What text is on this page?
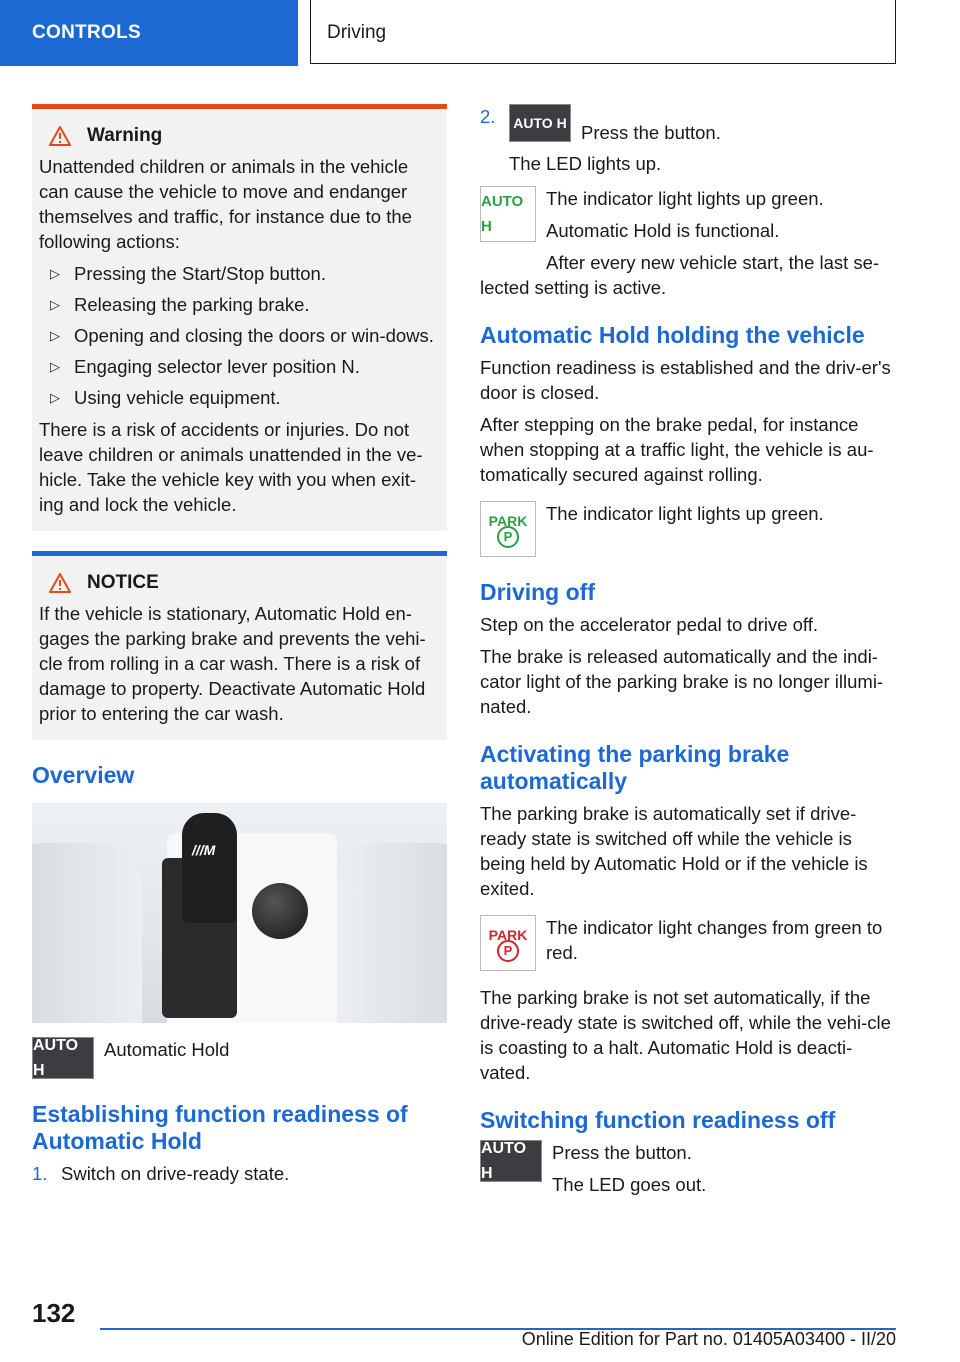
CONTROLS	Driving
Warning

Unattended children or animals in the vehicle can cause the vehicle to move and endanger themselves and traffic, for instance due to the following actions:

▷ Pressing the Start/Stop button.
▷ Releasing the parking brake.
▷ Opening and closing the doors or win‐dows.
▷ Engaging selector lever position N.
▷ Using vehicle equipment.

There is a risk of accidents or injuries. Do not leave children or animals unattended in the ve‐hicle. Take the vehicle key with you when exit‐ing and lock the vehicle.

NOTICE

If the vehicle is stationary, Automatic Hold en‐gages the parking brake and prevents the vehi‐cle from rolling in a car wash. There is a risk of damage to property. Deactivate Automatic Hold prior to entering the car wash.

Overview
///M
AUTO H
Automatic Hold
Establishing function readiness of Automatic Hold
1. Switch on drive-ready state.
2.	AUTO H Press the button.

The LED lights up.

AUTO H

The indicator light lights up green.

Automatic Hold is functional.

After every new vehicle start, the last se‐lected setting is active.

Automatic Hold holding the vehicle

Function readiness is established and the driv‐er's door is closed.

After stepping on the brake pedal, for instance when stopping at a traffic light, the vehicle is au‐tomatically secured against rolling.

PARK
P
The indicator light lights up green.
Driving off

Step on the accelerator pedal to drive off.

The brake is released automatically and the indi‐cator light of the parking brake is no longer illumi‐nated.

Activating the parking brake automatically

The parking brake is automatically set if drive-ready state is switched off while the vehicle is being held by Automatic Hold or if the vehicle is exited.

PARK
P
The indicator light changes from green to red.

The parking brake is not set automatically, if the drive-ready state is switched off, while the vehi‐cle is coasting to a halt. Automatic Hold is deacti‐vated.

Switching function readiness off
AUTO H

Press the button.

The LED goes out.

132
Online Edition for Part no. 01405A03400 - II/20
